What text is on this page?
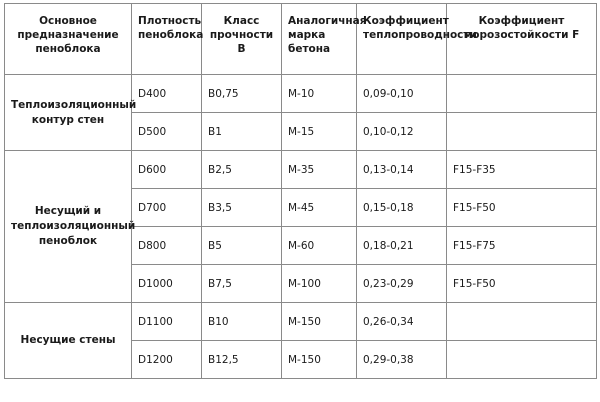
Основное предназначение пеноблока	Плотность пеноблока	Класс прочности В	Аналогичная марка бетона	Коэффициент теплопроводности	Коэффициент морозостойкости F
Теплоизоляционный контур стен	D400	B0,75	M-10	0,09-0,10	
	D500	B1	M-15	0,10-0,12	
Несущий и теплоизоляционный пеноблок	D600	B2,5	M-35	0,13-0,14	F15-F35
	D700	B3,5	M-45	0,15-0,18	F15-F50
	D800	B5	M-60	0,18-0,21	F15-F75
	D1000	B7,5	M-100	0,23-0,29	F15-F50
Несущие стены	D1100	B10	M-150	0,26-0,34	
	D1200	B12,5	M-150	0,29-0,38	
